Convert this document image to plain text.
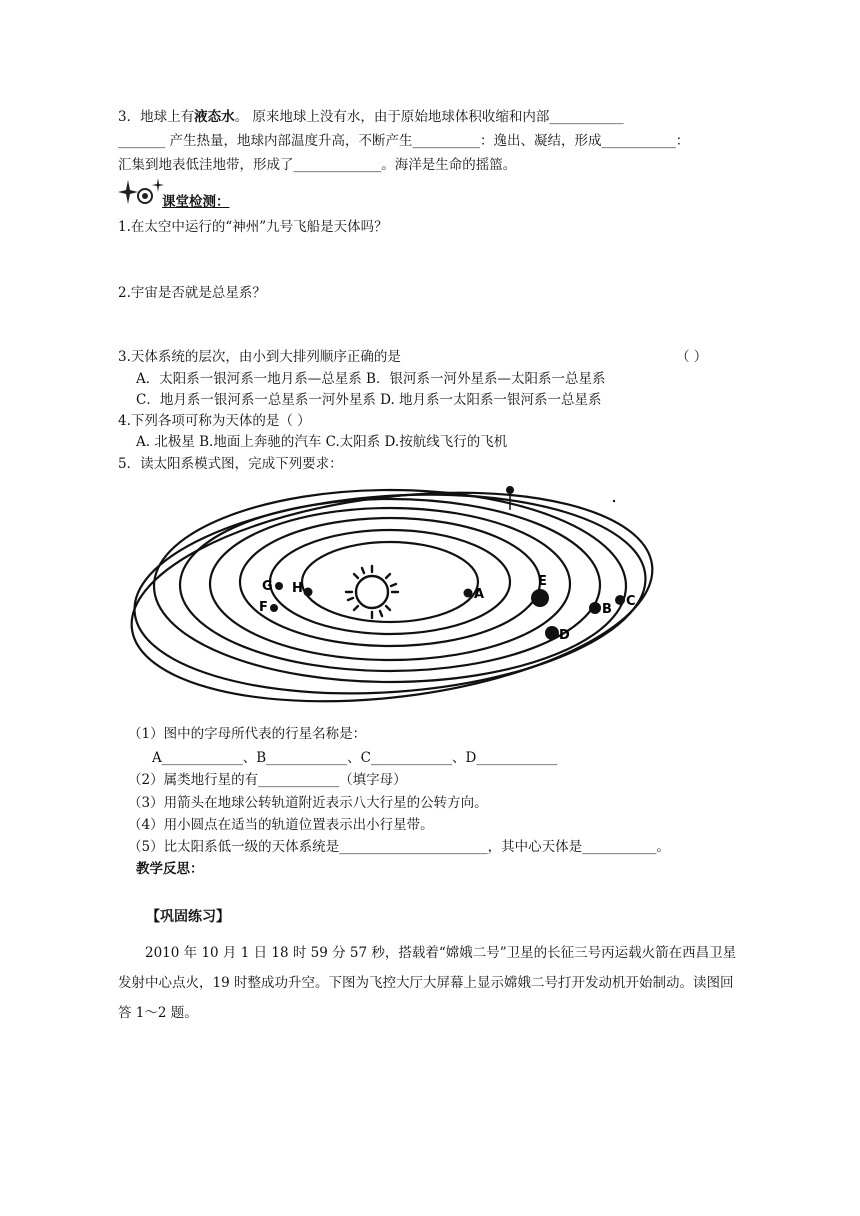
3．地球上有液态水。 原来地球上没有水，由于原始地球体积收缩和内部___________
_______ 产生热量，地球内部温度升高，不断产生__________：逸出、凝结，形成___________：
汇集到地表低洼地带，形成了_____________。海洋是生命的摇篮。
课堂检测：
1.在太空中运行的“神州”九号飞船是天体吗？
2.宇宙是否就是总星系？
3.天体系统的层次，由小到大排列顺序正确的是	（ ）
A．太阳系一银河系一地月系—总星系 B．银河系一河外星系—太阳系一总星系
C．地月系一银河系一总星系一河外星系 D. 地月系一太阳系一银河系一总星系
4.下列各项可称为天体的是（ ）
A. 北极星 B.地面上奔驰的汽车 C.太阳系 D.按航线飞行的飞机
5．读太阳系模式图，完成下列要求：
A
E
B
C
D
G H
F
（1）图中的字母所代表的行星名称是：
A____________、B____________、C____________、D____________
（2）属类地行星的有____________（填字母）
（3）用箭头在地球公转轨道附近表示八大行星的公转方向。
（4）用小圆点在适当的轨道位置表示出小行星带。
（5）比太阳系低一级的天体系统是______________________，其中心天体是___________。
教学反思：
【巩固练习】
2010 年 10 月 1 日 18 时 59 分 57 秒，搭载着“嫦娥二号”卫星的长征三号丙运载火箭在西昌卫星发射中心点火，19 时整成功升空。下图为飞控大厅大屏幕上显示嫦娥二号打开发动机开始制动。读图回答 1～2 题。
